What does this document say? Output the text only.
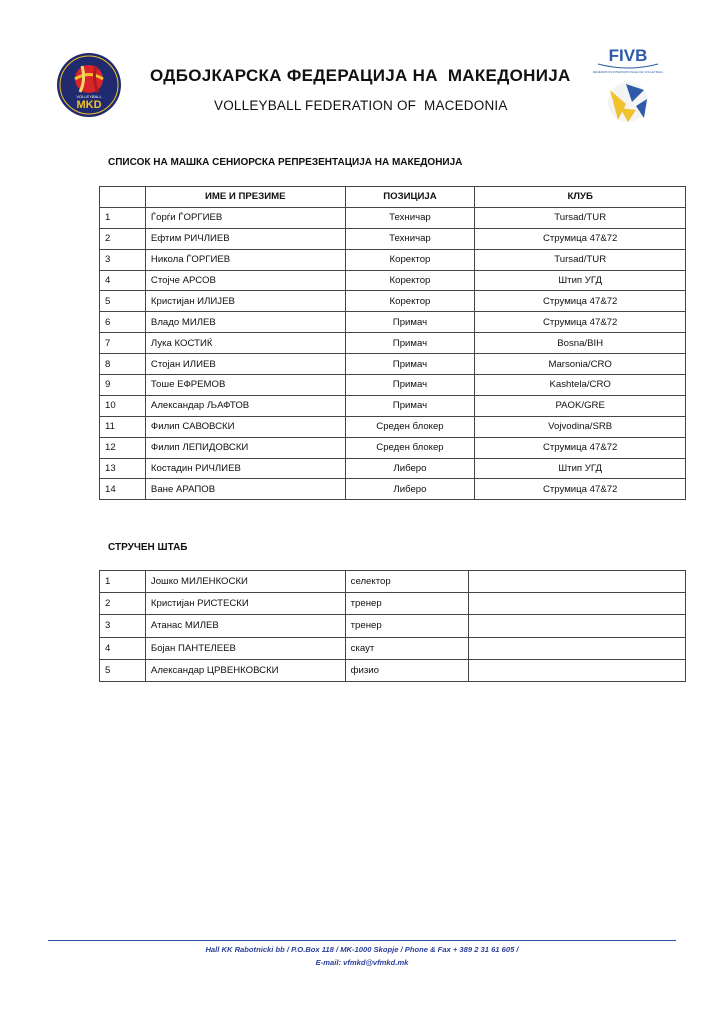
MKD
VOLLEYBALL
FIVB
FÉDÉRATION INTERNATIONALE DE VOLLEYBALL
ОДБОЈКАРСКА ФЕДЕРАЦИЈА НА  МАКЕДОНИЈА
VOLLEYBALL FEDERATION OF  MACEDONIA
СПИСОК НА МАШКА СЕНИОРСКА РЕПРЕЗЕНТАЦИЈА НА МАКЕДОНИЈА
	ИМЕ И ПРЕЗИМЕ	ПОЗИЦИЈА	КЛУБ
1	Ѓорѓи ЃОРГИЕВ	Техничар	Tursad/TUR
2	Ефтим РИЧЛИЕВ	Техничар	Струмица 47&72
3	Никола ЃОРГИЕВ	Коректор	Tursad/TUR
4	Стојче АРСОВ	Коректор	Штип УГД
5	Кристијан ИЛИЈЕВ	Коректор	Струмица 47&72
6	Владо МИЛЕВ	Примач	Струмица 47&72
7	Лука КОСТИЌ	Примач	Bosna/BIH
8	Стојан ИЛИЕВ	Примач	Marsonia/CRO
9	Тоше ЕФРЕМОВ	Примач	Kashtela/CRO
10	Александар ЉАФТОВ	Примач	PAOK/GRE
11	Филип САВОВСКИ	Среден блокер	Vojvodina/SRB
12	Филип ЛЕПИДОВСКИ	Среден блокер	Струмица 47&72
13	Костадин РИЧЛИЕВ	Либеро	Штип УГД
14	Ване АРАПОВ	Либеро	Струмица 47&72
СТРУЧЕН ШТАБ
1	Јошко МИЛЕНКОСКИ	селектор	
2	Кристијан РИСТЕСКИ	тренер	
3	Атанас МИЛЕВ	тренер	
4	Бојан ПАНТЕЛЕЕВ	скаут	
5	Александар ЦРВЕНКОВСКИ	физио	
Hall KK Rabotnicki bb / P.O.Box 118 / MK-1000 Skopje / Phone & Fax + 389 2 31 61 605 /
E-mail: vfmkd@vfmkd.mk
